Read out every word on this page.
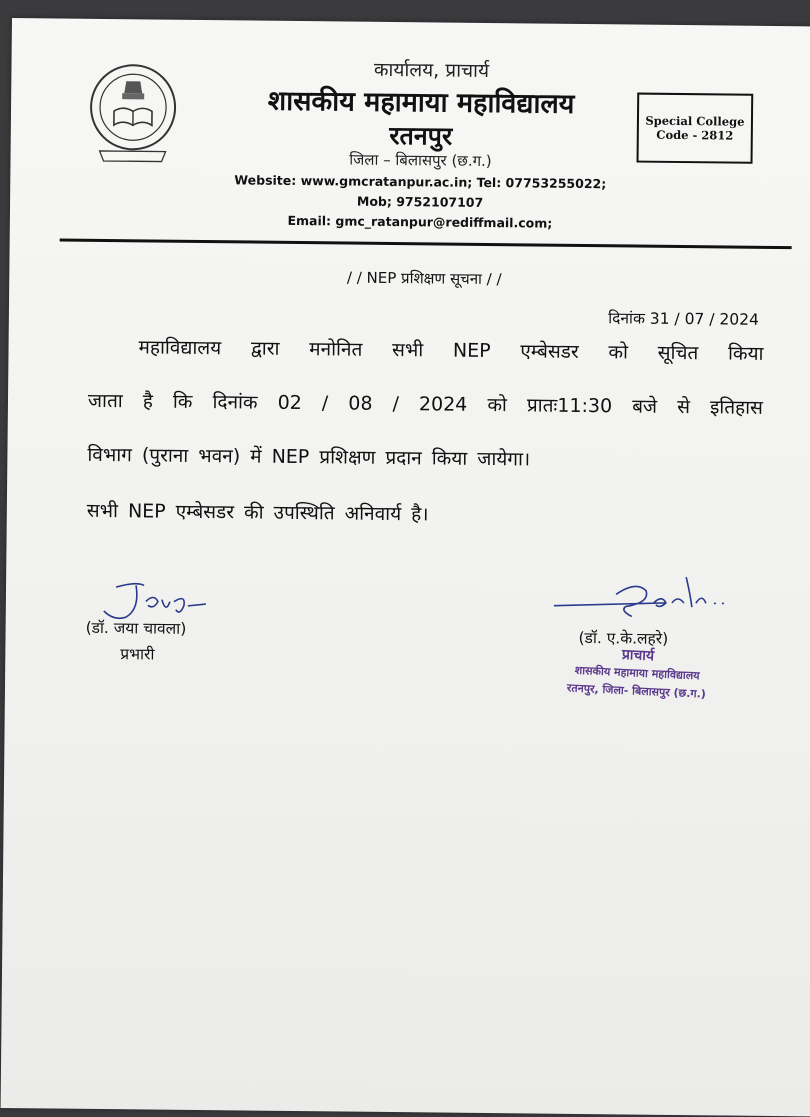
कार्यालय, प्राचार्य
शासकीय महामाया महाविद्यालय
रतनपुर
जिला – बिलासपुर (छ.ग.)
Website: www.gmcratanpur.ac.in; Tel: 07753255022;
Mob; 9752107107
Email: gmc_ratanpur@rediffmail.com;
Special College
Code - 2812
/ / NEP प्रशिक्षण सूचना / /
दिनांक 31 / 07 / 2024
महाविद्यालय द्वारा मनोनित सभी NEP एम्बेसडर को सूचित किया
जाता है कि दिनांक 02 / 08 / 2024 को प्रातः11:30 बजे से इतिहास
विभाग (पुराना भवन) में NEP प्रशिक्षण प्रदान किया जायेगा।
सभी NEP एम्बेसडर की उपस्थिति अनिवार्य है।
(डॉ. जया चावला)
प्रभारी
(डॉ. ए.के.लहरे)
प्राचार्य
शासकीय महामाया महाविद्यालय
रतनपुर, जिला- बिलासपुर (छ.ग.)
